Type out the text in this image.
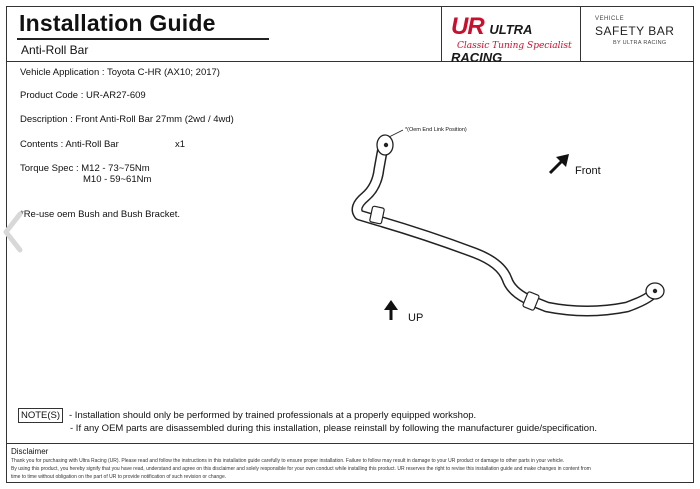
Installation Guide
Anti-Roll Bar
UR ULTRA RACING
Classic Tuning Specialist
VEHICLE
SAFETY BAR
BY ULTRA RACING
Vehicle Application : Toyota C-HR (AX10; 2017)
Product Code : UR-AR27-609
Description : Front Anti-Roll Bar 27mm (2wd / 4wd)
Contents : Anti-Roll Bar	x1
Torque Spec : M12 - 73~75Nm
M10 - 59~61Nm
*Re-use oem Bush and Bush Bracket.
*(Oem End Link Position)
Front
UP
NOTE(S) - Installation should only be performed by trained professionals at a properly equipped workshop.
- If any OEM parts are disassembled during this installation, please reinstall by following the manufacturer guide/specification.
Disclaimer
Thank you for purchasing with Ultra Racing (UR). Please read and follow the instructions in this installation guide carefully to ensure proper installation. Failure to follow may result in damage to your UR product or damage to other parts in your vehicle.
By using this product, you hereby signify that you have read, understand and agree on this disclaimer and solely responsible for your own conduct while installing this product. UR reserves the right to revise this installation guide and make changes in content from
time to time without obligation on the part of UR to provide notification of such revision or change.
